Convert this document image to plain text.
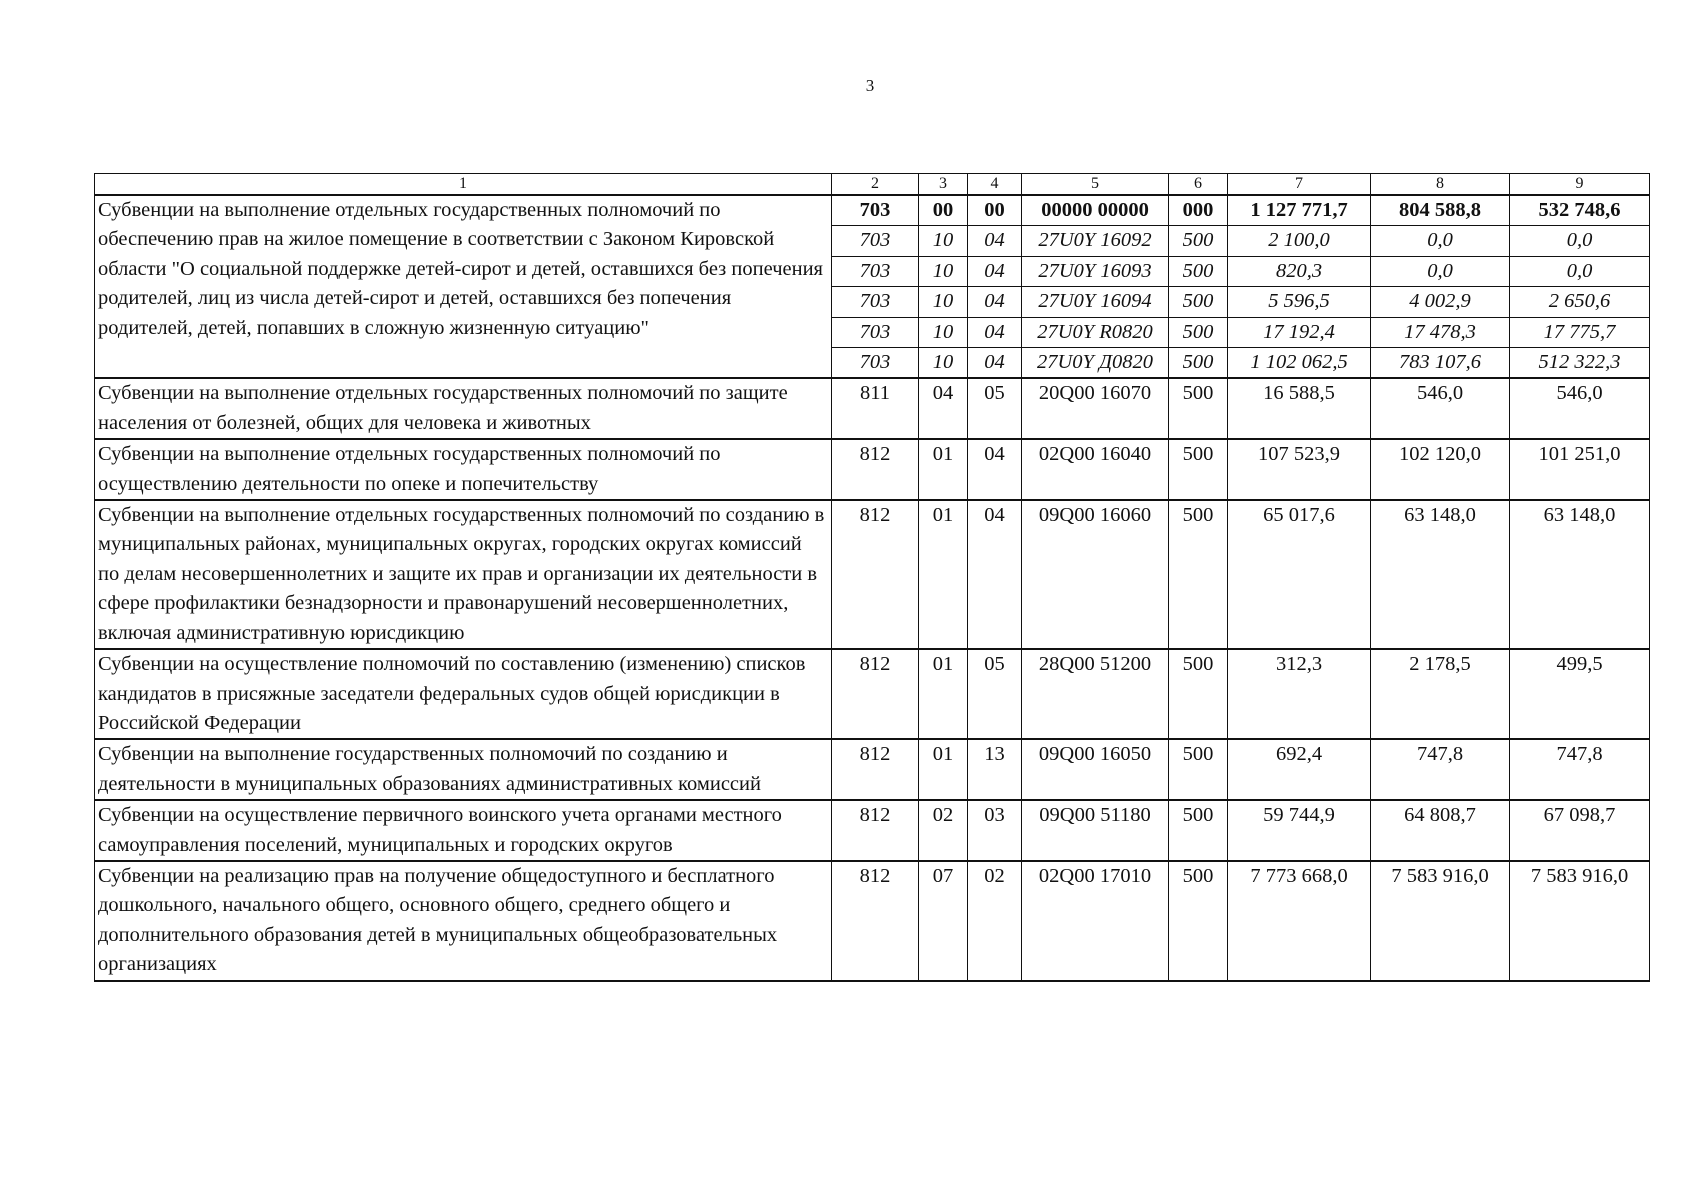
3
1	2	3	4	5	6	7	8	9
Субвенции на выполнение отдельных государственных полномочий по обеспечению прав на жилое помещение в соответствии с Законом Кировской области "О социальной поддержке детей-сирот и детей, оставшихся без попечения родителей, лиц из числа детей-сирот и детей, оставшихся без попечения родителей, детей, попавших в сложную жизненную ситуацию"	703	00	00	00000 00000	000	1 127 771,7	804 588,8	532 748,6
	703	10	04	27U0Y 16092	500	2 100,0	0,0	0,0
	703	10	04	27U0Y 16093	500	820,3	0,0	0,0
	703	10	04	27U0Y 16094	500	5 596,5	4 002,9	2 650,6
	703	10	04	27U0Y R0820	500	17 192,4	17 478,3	17 775,7
	703	10	04	27U0Y Д0820	500	1 102 062,5	783 107,6	512 322,3
Субвенции на выполнение отдельных государственных полномочий по защите населения от болезней, общих для человека и животных	811	04	05	20Q00 16070	500	16 588,5	546,0	546,0
Субвенции на выполнение отдельных государственных полномочий по осуществлению деятельности по опеке и попечительству	812	01	04	02Q00 16040	500	107 523,9	102 120,0	101 251,0
Субвенции на выполнение отдельных государственных полномочий по созданию в муниципальных районах, муниципальных округах, городских округах комиссий по делам несовершеннолетних и защите их прав и организации их деятельности в сфере профилактики безнадзорности и правонарушений несовершеннолетних, включая административную юрисдикцию	812	01	04	09Q00 16060	500	65 017,6	63 148,0	63 148,0
Субвенции на осуществление полномочий по составлению (изменению) списков кандидатов в присяжные заседатели федеральных судов общей юрисдикции в Российской Федерации	812	01	05	28Q00 51200	500	312,3	2 178,5	499,5
Субвенции на выполнение государственных полномочий по созданию и деятельности в муниципальных образованиях административных комиссий	812	01	13	09Q00 16050	500	692,4	747,8	747,8
Субвенции на осуществление первичного воинского учета органами местного самоуправления поселений, муниципальных и городских округов	812	02	03	09Q00 51180	500	59 744,9	64 808,7	67 098,7
Субвенции на реализацию прав на получение общедоступного и бесплатного дошкольного, начального общего, основного общего, среднего общего и дополнительного образования детей в муниципальных общеобразовательных организациях	812	07	02	02Q00 17010	500	7 773 668,0	7 583 916,0	7 583 916,0
